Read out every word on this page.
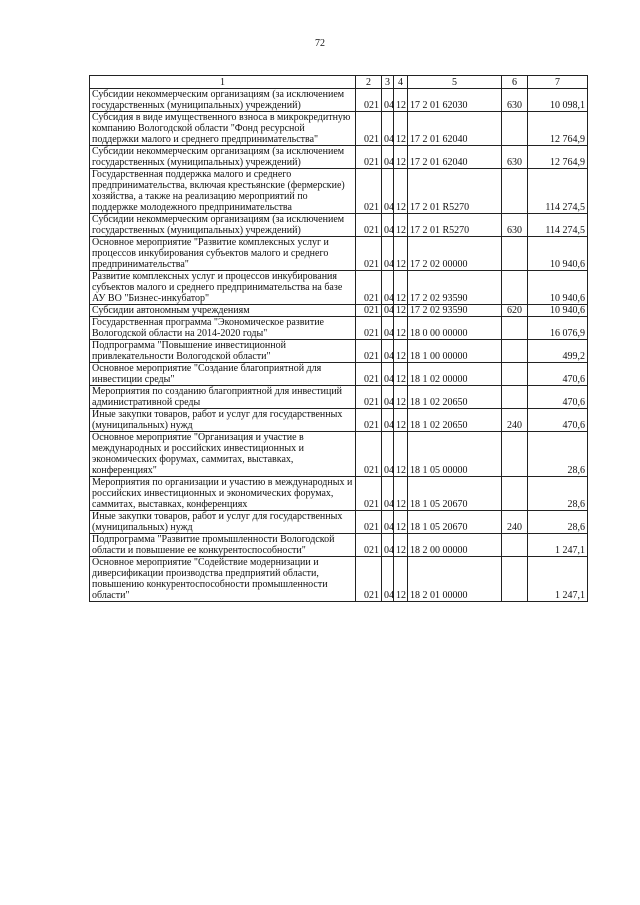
72
1	2	3	4	5	6	7
Субсидии некоммерческим организациям (за исключением государственных (муниципальных) учреждений)	021	04	12	17 2 01 62030	630	10 098,1
Субсидия в виде имущественного взноса в микрокредитную компанию Вологодской области "Фонд ресурсной поддержки малого и среднего предпринимательства"	021	04	12	17 2 01 62040		12 764,9
Субсидии некоммерческим организациям (за исключением государственных (муниципальных) учреждений)	021	04	12	17 2 01 62040	630	12 764,9
Государственная поддержка малого и среднего предпринимательства, включая крестьянские (фермерские) хозяйства, а также на реализацию мероприятий по поддержке молодежного предпринимательства	021	04	12	17 2 01 R5270		114 274,5
Субсидии некоммерческим организациям (за исключением государственных (муниципальных) учреждений)	021	04	12	17 2 01 R5270	630	114 274,5
Основное мероприятие "Развитие комплексных услуг и процессов инкубирования субъектов малого и среднего предпринимательства"	021	04	12	17 2 02 00000		10 940,6
Развитие комплексных услуг и процессов инкубирования субъектов малого и среднего предпринимательства на базе АУ ВО "Бизнес-инкубатор"	021	04	12	17 2 02 93590		10 940,6
Субсидии автономным учреждениям	021	04	12	17 2 02 93590	620	10 940,6
Государственная программа "Экономическое развитие Вологодской области на 2014-2020 годы"	021	04	12	18 0 00 00000		16 076,9
Подпрограмма "Повышение инвестиционной привлекательности Вологодской области"	021	04	12	18 1 00 00000		499,2
Основное мероприятие "Создание благоприятной для инвестиции среды"	021	04	12	18 1 02 00000		470,6
Мероприятия по созданию благоприятной для инвестиций административной среды	021	04	12	18 1 02 20650		470,6
Иные закупки товаров, работ и услуг для государственных (муниципальных) нужд	021	04	12	18 1 02 20650	240	470,6
Основное мероприятие "Организация и участие в международных и российских инвестиционных и экономических форумах, саммитах, выставках, конференциях"	021	04	12	18 1 05 00000		28,6
Мероприятия по организации и участию в международных и российских инвестиционных и экономических форумах, саммитах, выставках, конференциях	021	04	12	18 1 05 20670		28,6
Иные закупки товаров, работ и услуг для государственных (муниципальных) нужд	021	04	12	18 1 05 20670	240	28,6
Подпрограмма "Развитие промышленности Вологодской области и повышение ее конкурентоспособности"	021	04	12	18 2 00 00000		1 247,1
Основное мероприятие "Содействие модернизации и диверсификации производства предприятий области, повышению конкурентоспособности промышленности области"	021	04	12	18 2 01 00000		1 247,1
